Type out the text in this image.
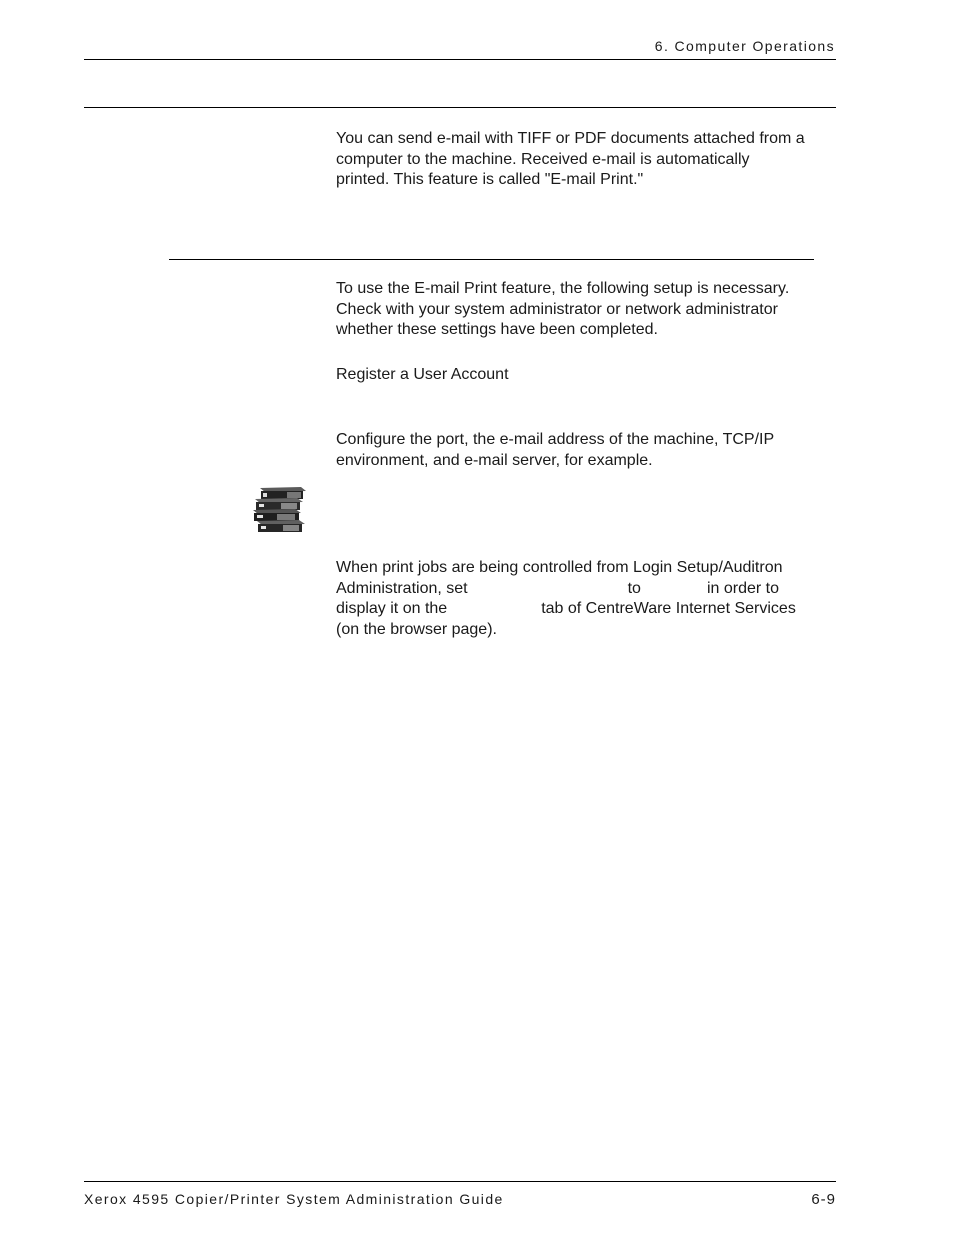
6. Computer Operations
You can send e-mail with TIFF or PDF documents attached from a
computer to the machine. Received e-mail is automatically
printed. This feature is called "E-mail Print."
To use the E-mail Print feature, the following setup is necessary.
Check with your system administrator or network administrator
whether these settings have been completed.
Register a User Account
Configure the port, the e-mail address of the machine, TCP/IP
environment, and e-mail server, for example.
When print jobs are being controlled from Login Setup/Auditron
Administration, set	to	in order to
display it on the	tab of CentreWare Internet Services
(on the browser page).
Xerox 4595 Copier/Printer System Administration Guide	6-9
